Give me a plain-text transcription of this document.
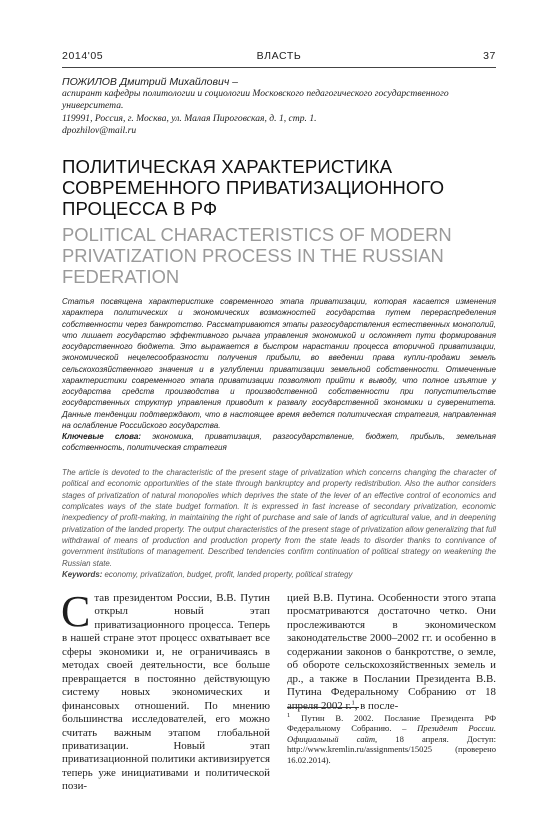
2014'05	ВЛАСТЬ	37
ПОЖИЛОВ Дмитрий Михайлович –
аспирант кафедры политологии и социологии Московского педагогического государственного университета.
119991, Россия, г. Москва, ул. Малая Пироговская, д. 1, стр. 1.
dpozhilov@mail.ru
ПОЛИТИЧЕСКАЯ ХАРАКТЕРИСТИКА СОВРЕМЕННОГО ПРИВАТИЗАЦИОННОГО ПРОЦЕССА В РФ
POLITICAL CHARACTERISTICS OF MODERN PRIVATIZATION PROCESS IN THE RUSSIAN FEDERATION

Статья посвящена характеристике современного этапа приватизации, которая касается изменения характера политических и экономических возможностей государства путем перераспределения собственности через банкротство. Рассматриваются этапы разгосударствления естественных монополий, что лишает государство эффективного рычага управления экономикой и осложняет пути формирования государственного бюджета. Это выражается в быстром нарастании процесса вторичной приватизации, экономической нецелесообразности получения прибыли, во введении права купли-продажи земель сельскохозяйственного значения и в углублении приватизации земельной собственности. Отмеченные характеристики современного этапа приватизации позволяют прийти к выводу, что полное изъятие у государства средств производства и производственной собственности при попустительстве государственных структур управления приводит к развалу государственной экономики и суверенитета. Данные тенденции подтверждают, что в настоящее время ведется политическая стратегия, направленная на ослабление Российского государства.

Ключевые слова: экономика, приватизация, разгосударствление, бюджет, прибыль, земельная собственность, политическая стратегия

The article is devoted to the characteristic of the present stage of privatization which concerns changing the character of political and economic opportunities of the state through bankruptcy and property redistribution. Also the author considers stages of privatization of natural monopolies which deprives the state of the lever of an effective control of economics and complicates ways of the state budget formation. It is expressed in fast increase of secondary privatization, economic inexpediency of profit-making, in maintaining the right of purchase and sale of lands of agricultural value, and in deepening privatization of the landed property. The output characteristics of the present stage of privatization allow generalizing that full withdrawal of means of production and production property from the state leads to disorder thanks to connivance of government institutions of management. Described tendencies confirm continuation of political strategy on weakening the Russian state.

Keywords: economy, privatization, budget, profit, landed property, political strategy

Став президентом России, В.В. Путин открыл новый этап приватизационного процесса. Теперь в нашей стране этот процесс охватывает все сферы экономики и, не ограничиваясь в методах своей деятельности, все больше превращается в постоянно действующую систему новых экономических и финансовых отношений. По мнению большинства исследователей, его можно считать важным этапом глобальной приватизации. Новый этап приватизационной политики активизируется теперь уже инициативами и политической пози-
цией В.В. Путина. Особенности этого этапа просматриваются достаточно четко. Они прослеживаются в экономическом законодательстве 2000–2002 гг. и особенно в содержании законов о банкротстве, о земле, об обороте сельскохозяйственных земель и др., а также в Послании Президента В.В. Путина Федеральному Собранию от 18 апреля 2002 г.$^1$, в после-
$^1$ Путин В. 2002. Послание Президента РФ Федеральному Собранию. – Президент России. Официальный сайт, 18 апреля. Доступ: http://www.kremlin.ru/assignments/15025 (проверено 16.02.2014).
